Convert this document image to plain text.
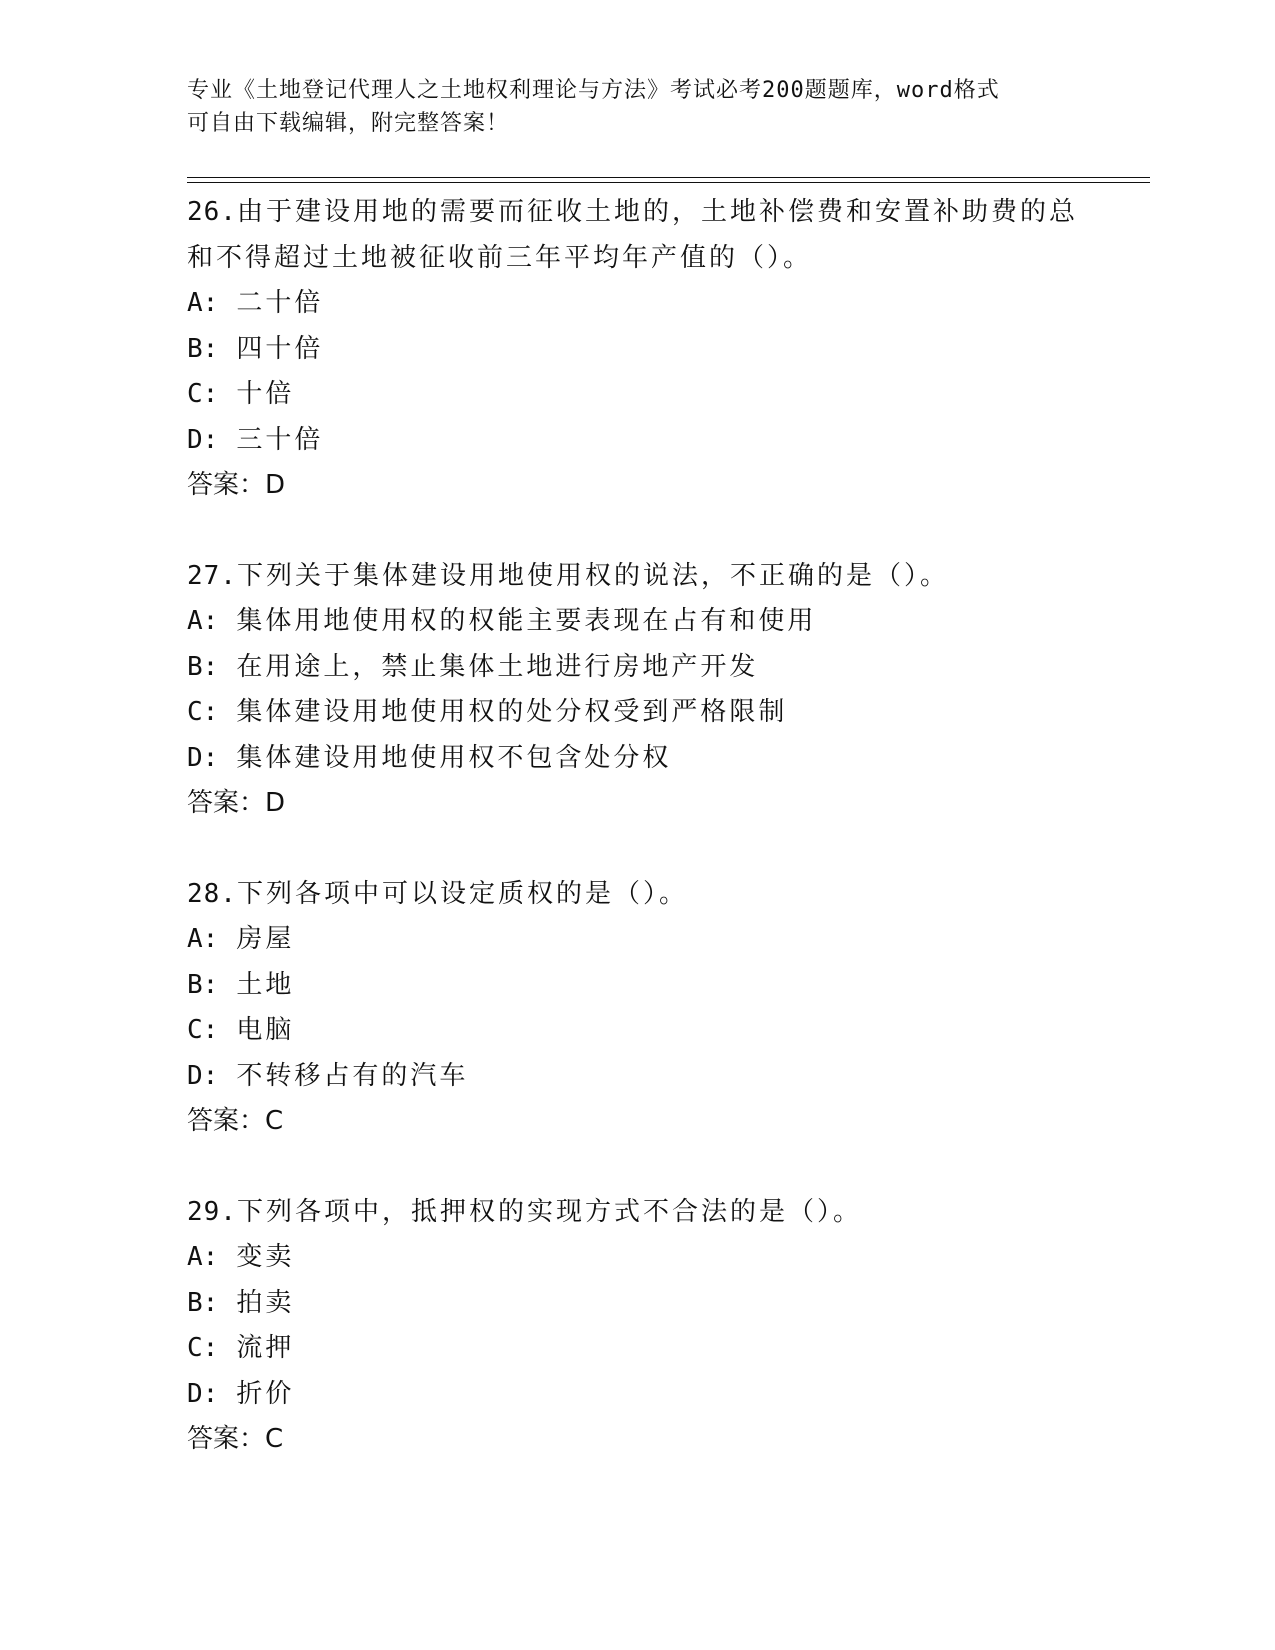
专业《土地登记代理人之土地权利理论与方法》考试必考200题题库，word格式
可自由下载编辑，附完整答案！
26.由于建设用地的需要而征收土地的，土地补偿费和安置补助费的总
和不得超过土地被征收前三年平均年产值的（）。
A: 二十倍
B: 四十倍
C: 十倍
D: 三十倍
答案：D
27.下列关于集体建设用地使用权的说法，不正确的是（）。
A: 集体用地使用权的权能主要表现在占有和使用
B: 在用途上，禁止集体土地进行房地产开发
C: 集体建设用地使用权的处分权受到严格限制
D: 集体建设用地使用权不包含处分权
答案：D
28.下列各项中可以设定质权的是（）。
A: 房屋
B: 土地
C: 电脑
D: 不转移占有的汽车
答案：C
29.下列各项中，抵押权的实现方式不合法的是（）。
A: 变卖
B: 拍卖
C: 流押
D: 折价
答案：C
